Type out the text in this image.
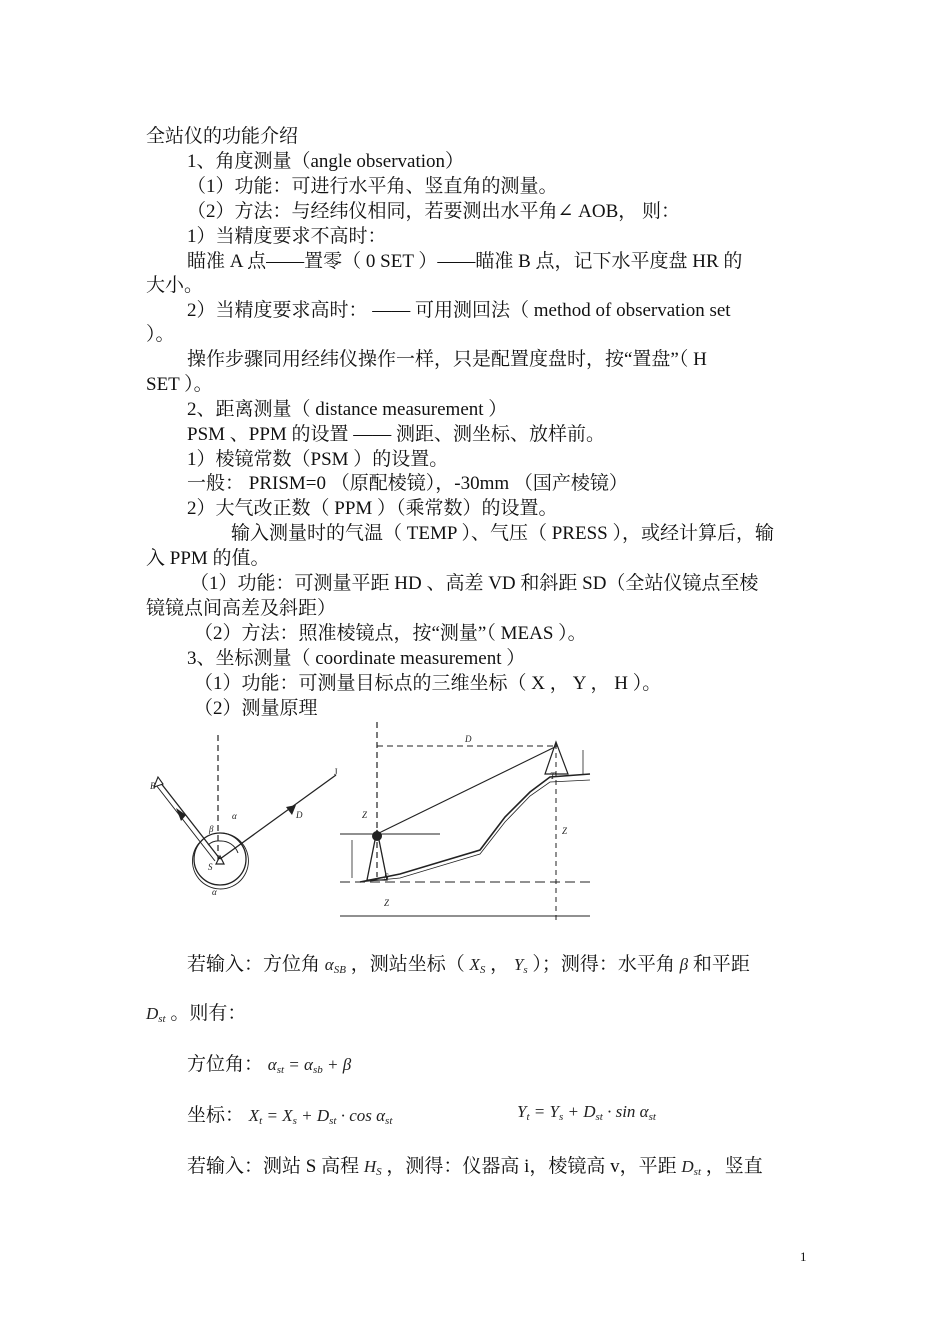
全站仪的功能介绍
1、角度测量（angle observation）
（1）功能：可进行水平角、竖直角的测量。
（2）方法：与经纬仪相同，若要测出水平角∠ AOB， 则：
1）当精度要求不高时：
瞄准 A 点——置零（ 0 SET ）——瞄准 B 点，记下水平度盘 HR 的
大小。
2）当精度要求高时： —— 可用测回法（ method of observation set
）。
操作步骤同用经纬仪操作一样，只是配置度盘时，按“置盘”（ H
SET ）。
2、距离测量（ distance measurement ）
PSM 、PPM 的设置 —— 测距、测坐标、放样前。
1）棱镜常数（PSM ）的设置。
一般： PRISM=0 （原配棱镜），-30mm （国产棱镜）
2）大气改正数（ PPM ）（乘常数）的设置。
输入测量时的气温（ TEMP ）、气压（ PRESS ），或经计算后，输
入 PPM 的值。
（1）功能：可测量平距 HD 、高差 VD 和斜距 SD（全站仪镜点至棱
镜镜点间高差及斜距）
（2）方法：照准棱镜点，按“测量”（ MEAS ）。
3、坐标测量（ coordinate measurement ）
（1）功能：可测量目标点的三维坐标（ X ， Y ， H ）。
（2）测量原理
B
J
β
α	D
S
α
D
Z
Z
Z
T
S
若输入：方位角 $\alpha_{SB}$ ，测站坐标（ $X_S$ ， $Y_s$ ）；测得：水平角 β 和平距
$D_{st}$ 。则有：
方位角： $\alpha_{st} = \alpha_{sb} + \beta$
坐标： $X_t = X_s + D_{st} \cdot \cos \alpha_{st}$	$Y_t = Y_s + D_{st} \cdot \sin \alpha_{st}$
若输入：测站 S 高程 $H_S$ ，测得：仪器高 i，棱镜高 v，平距 $D_{st}$ ，竖直
1
